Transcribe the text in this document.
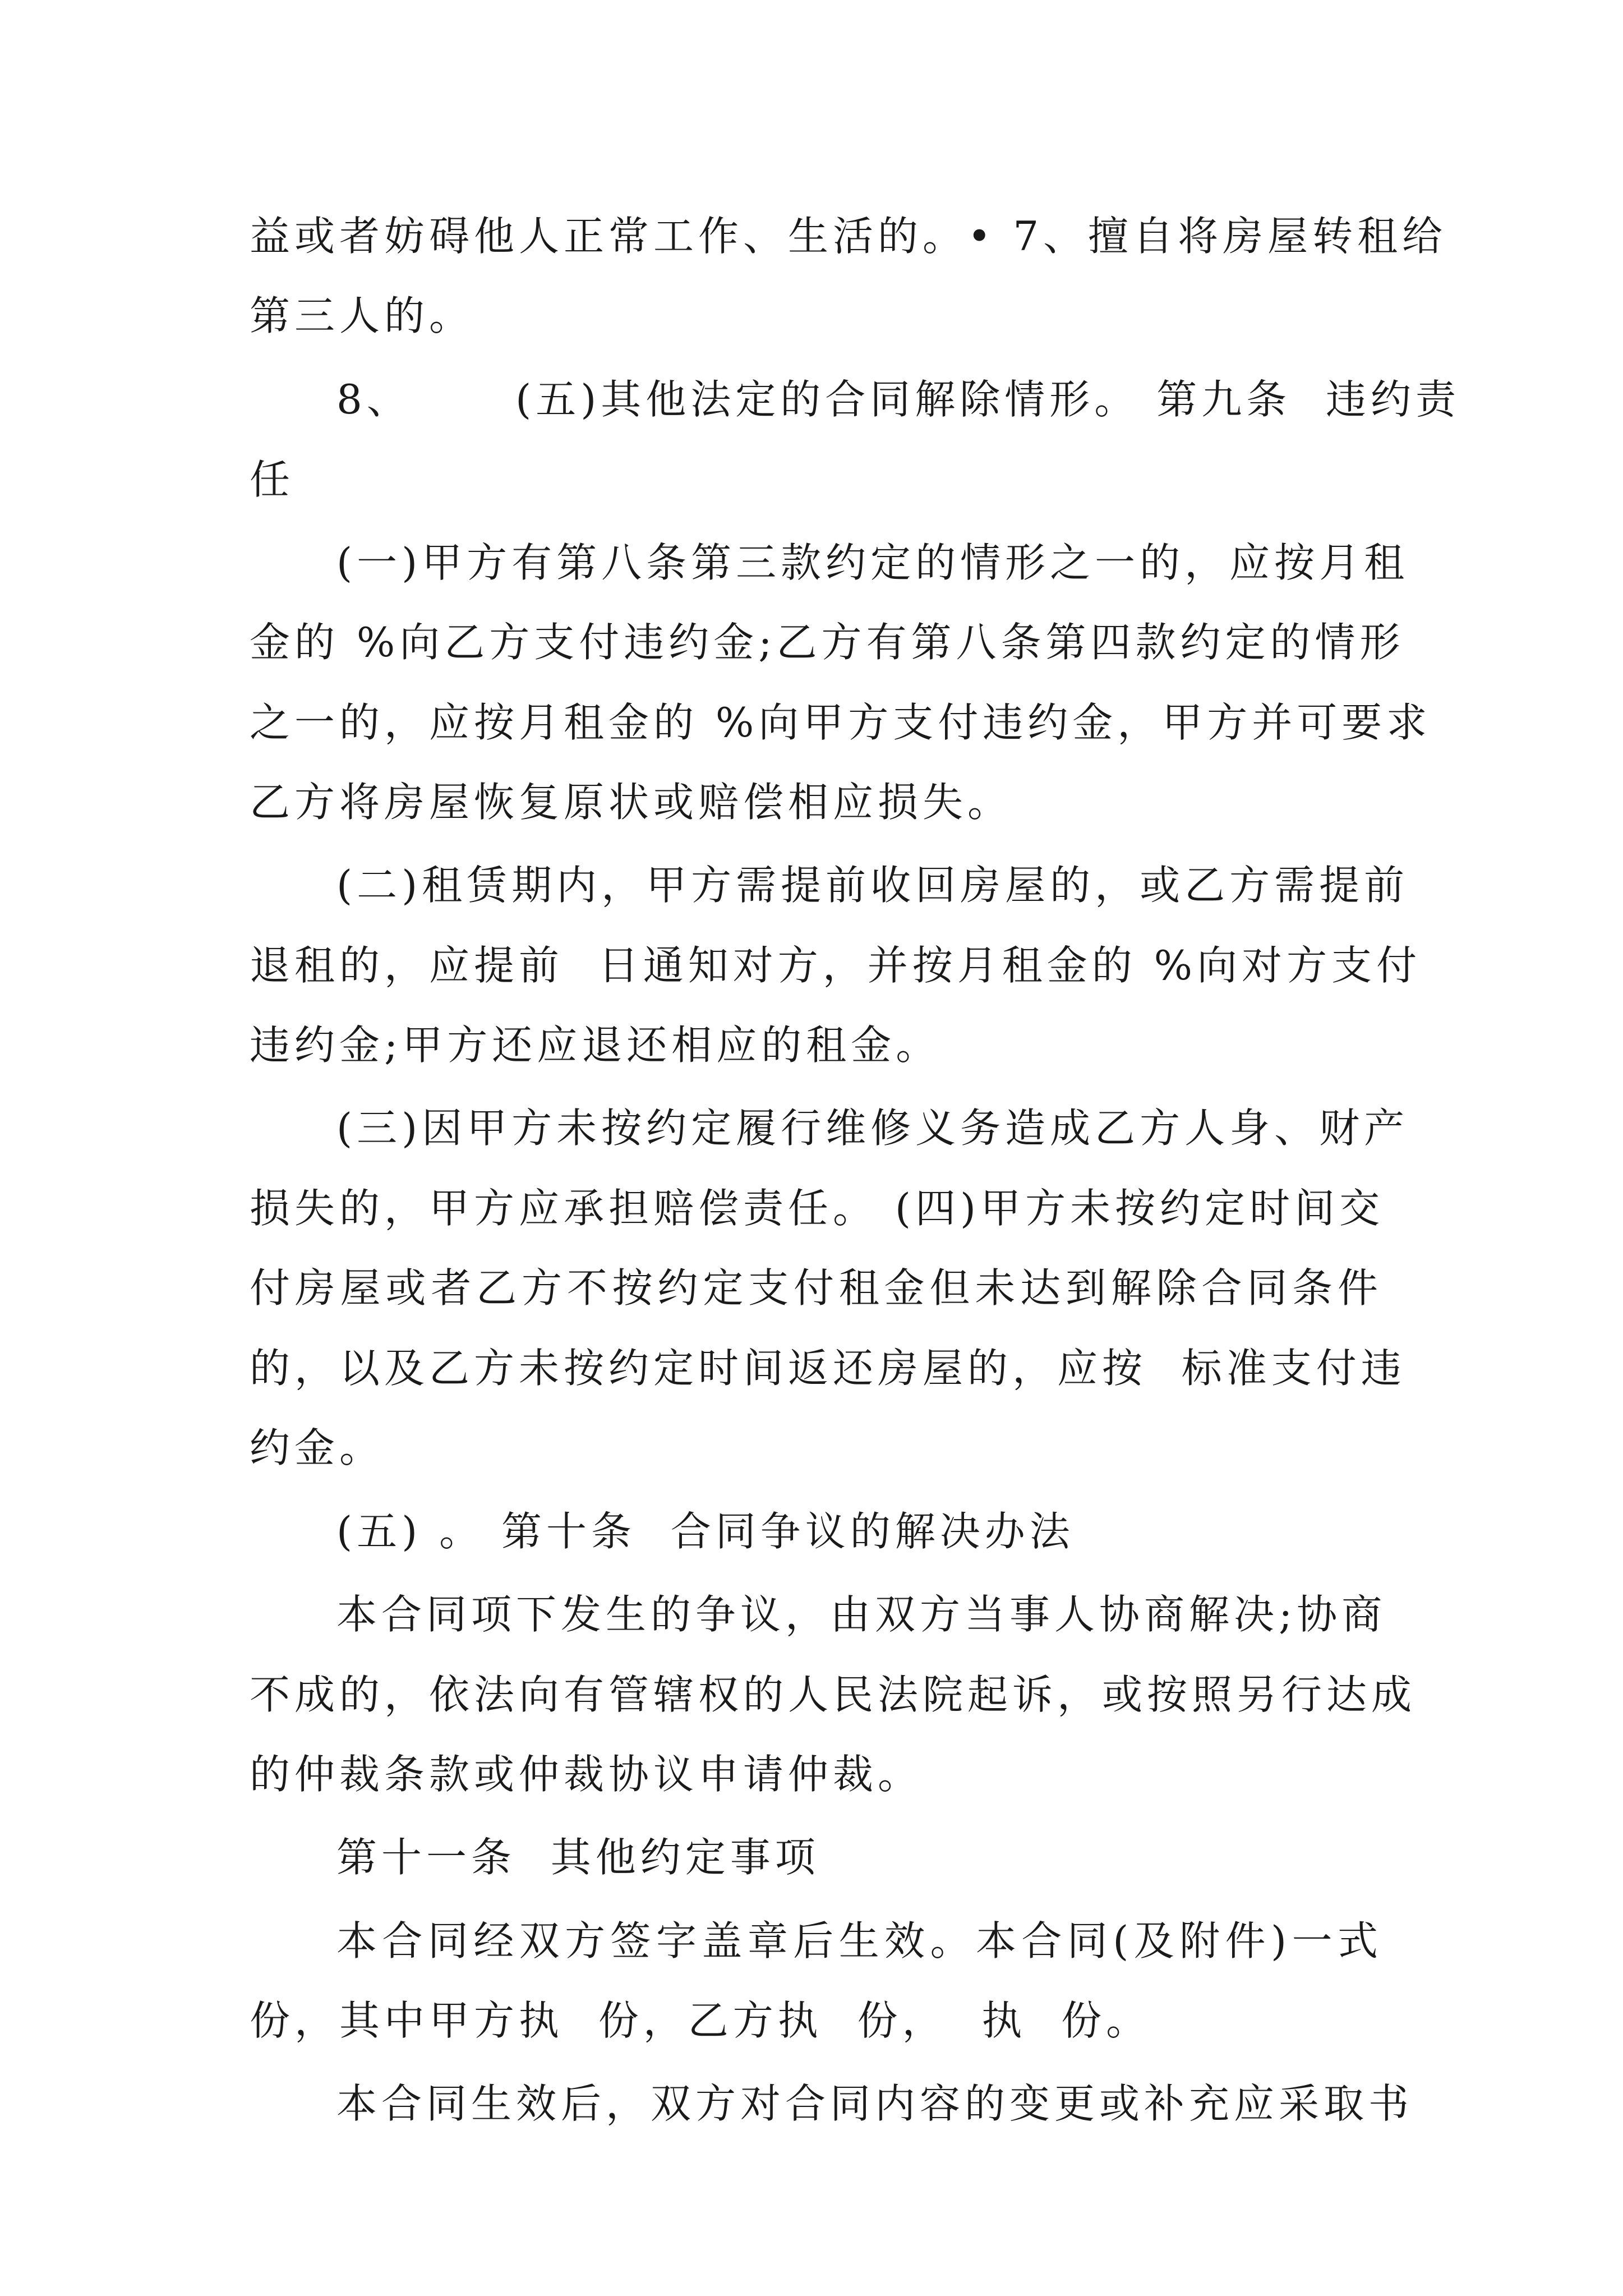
益或者妨碍他人正常工作、生活的。• 7、擅自将房屋转租给
第三人的。
8、      (五)其他法定的合同解除情形。 第九条  违约责
任
(一)甲方有第八条第三款约定的情形之一的，应按月租
金的 %向乙方支付违约金;乙方有第八条第四款约定的情形
之一的，应按月租金的 %向甲方支付违约金，甲方并可要求
乙方将房屋恢复原状或赔偿相应损失。
(二)租赁期内，甲方需提前收回房屋的，或乙方需提前
退租的，应提前  日通知对方，并按月租金的 %向对方支付
违约金;甲方还应退还相应的租金。
(三)因甲方未按约定履行维修义务造成乙方人身、财产
损失的，甲方应承担赔偿责任。 (四)甲方未按约定时间交
付房屋或者乙方不按约定支付租金但未达到解除合同条件
的，以及乙方未按约定时间返还房屋的，应按  标准支付违
约金。
(五) 。 第十条  合同争议的解决办法
本合同项下发生的争议，由双方当事人协商解决;协商
不成的，依法向有管辖权的人民法院起诉，或按照另行达成
的仲裁条款或仲裁协议申请仲裁。
第十一条  其他约定事项
本合同经双方签字盖章后生效。本合同(及附件)一式
份，其中甲方执  份，乙方执  份，  执  份。
本合同生效后，双方对合同内容的变更或补充应采取书
